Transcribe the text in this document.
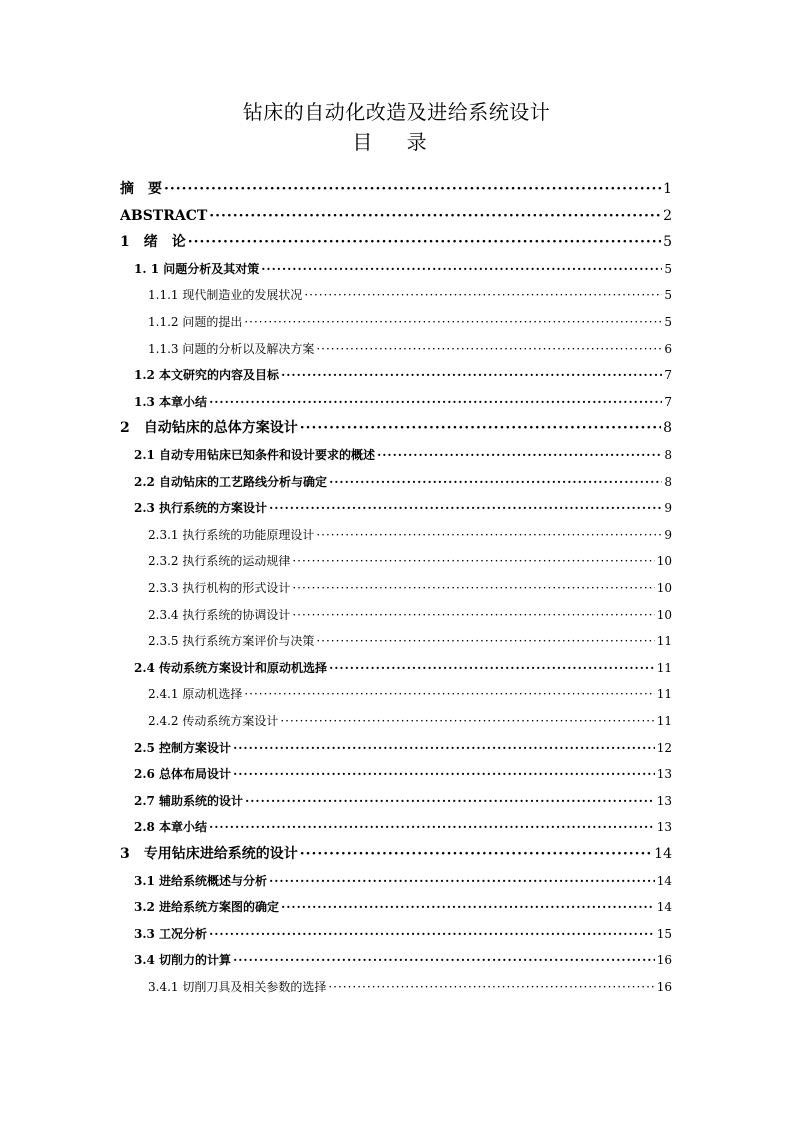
钻床的自动化改造及进给系统设计
目 录
摘　要 ·····	1
ABSTRACT ·····	2
1　绪　论 ·····	5
1. 1 问题分析及其对策 ·····	5
1.1.1 现代制造业的发展状况 ·····	5
1.1.2 问题的提出 ·····	5
1.1.3 问题的分析以及解决方案 ·····	6
1.2 本文研究的内容及目标 ·····	7
1.3 本章小结 ·····	7
2　自动钻床的总体方案设计 ·····	8
2.1 自动专用钻床已知条件和设计要求的概述 ·····	8
2.2 自动钻床的工艺路线分析与确定 ·····	8
2.3 执行系统的方案设计 ·····	9
2.3.1 执行系统的功能原理设计 ·····	9
2.3.2 执行系统的运动规律 ·····	10
2.3.3 执行机构的形式设计 ·····	10
2.3.4 执行系统的协调设计 ·····	10
2.3.5 执行系统方案评价与决策 ·····	11
2.4 传动系统方案设计和原动机选择 ·····	11
2.4.1 原动机选择 ·····	11
2.4.2 传动系统方案设计 ·····	11
2.5 控制方案设计 ·····	12
2.6 总体布局设计 ·····	13
2.7 辅助系统的设计 ·····	13
2.8 本章小结 ·····	13
3　专用钻床进给系统的设计 ·····	14
3.1 进给系统概述与分析 ·····	14
3.2 进给系统方案图的确定 ·····	14
3.3 工况分析 ·····	15
3.4 切削力的计算 ·····	16
3.4.1 切削刀具及相关参数的选择 ·····	16
